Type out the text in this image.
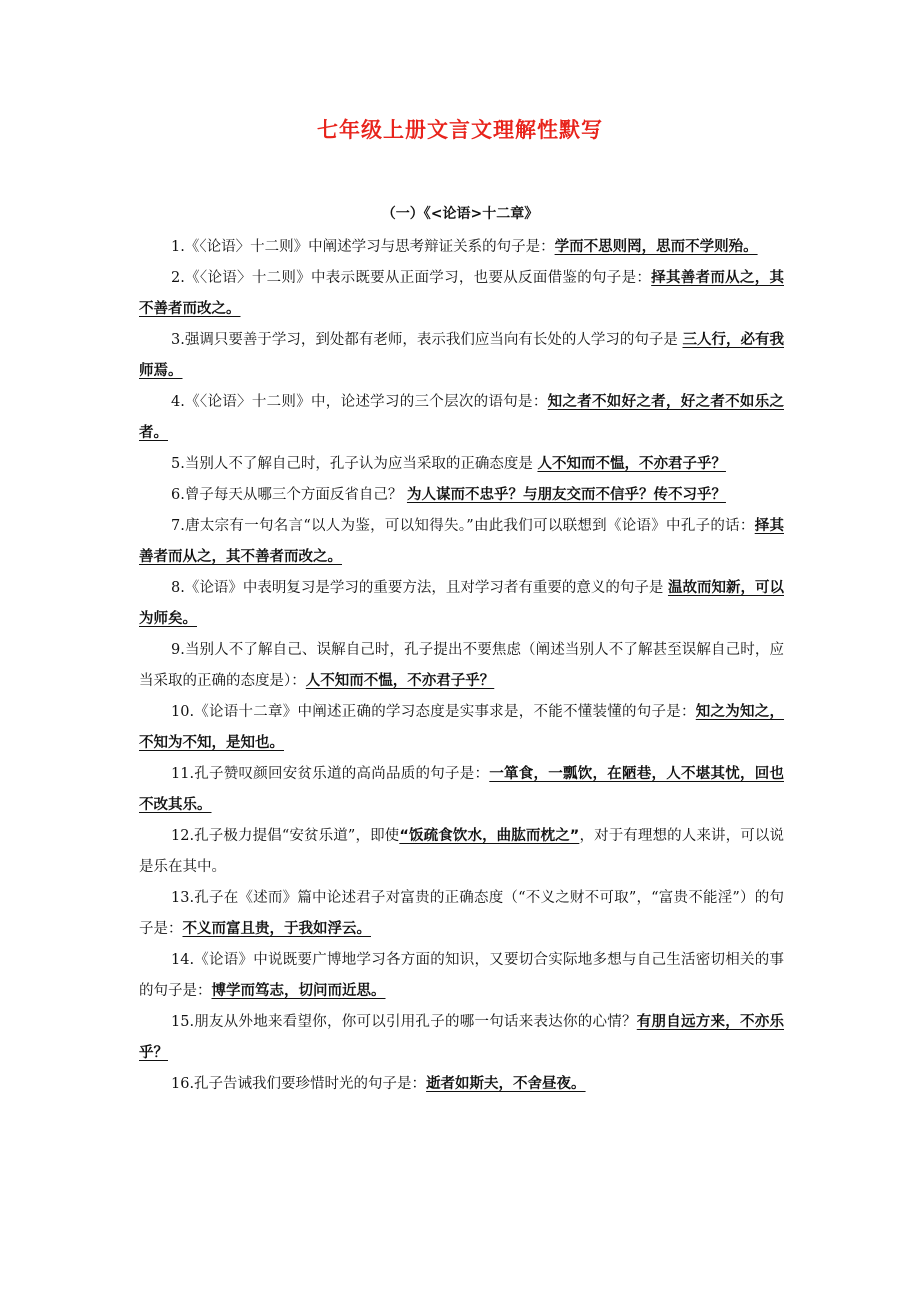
七年级上册文言文理解性默写
（一）《<论语>十二章》
1.《〈论语〉十二则》中阐述学习与思考辩证关系的句子是：学而不思则罔，思而不学则殆。
2.《〈论语〉十二则》中表示既要从正面学习，也要从反面借鉴的句子是：择其善者而从之，其不善者而改之。
3.强调只要善于学习，到处都有老师，表示我们应当向有长处的人学习的句子是 三人行，必有我师焉。
4.《〈论语〉十二则》中，论述学习的三个层次的语句是：知之者不如好之者，好之者不如乐之者。
5.当别人不了解自己时，孔子认为应当采取的正确态度是 人不知而不愠，不亦君子乎？
6.曾子每天从哪三个方面反省自己？ 为人谋而不忠乎？与朋友交而不信乎？传不习乎？
7.唐太宗有一句名言“以人为鉴，可以知得失。”由此我们可以联想到《论语》中孔子的话：择其善者而从之，其不善者而改之。
8.《论语》中表明复习是学习的重要方法，且对学习者有重要的意义的句子是 温故而知新，可以为师矣。
9.当别人不了解自己、误解自己时，孔子提出不要焦虑（阐述当别人不了解甚至误解自己时，应当采取的正确的态度是）：人不知而不愠，不亦君子乎？
10.《论语十二章》中阐述正确的学习态度是实事求是，不能不懂装懂的句子是：知之为知之，不知为不知，是知也。
11.孔子赞叹颜回安贫乐道的高尚品质的句子是：一箪食，一瓢饮，在陋巷，人不堪其忧，回也不改其乐。
12.孔子极力提倡“安贫乐道”，即使“饭疏食饮水，曲肱而枕之”，对于有理想的人来讲，可以说是乐在其中。
13.孔子在《述而》篇中论述君子对富贵的正确态度（“不义之财不可取”，“富贵不能淫”）的句子是：不义而富且贵，于我如浮云。
14.《论语》中说既要广博地学习各方面的知识，又要切合实际地多想与自己生活密切相关的事的句子是：博学而笃志，切问而近思。
15.朋友从外地来看望你，你可以引用孔子的哪一句话来表达你的心情？有朋自远方来，不亦乐乎？
16.孔子告诫我们要珍惜时光的句子是：逝者如斯夫，不舍昼夜。
